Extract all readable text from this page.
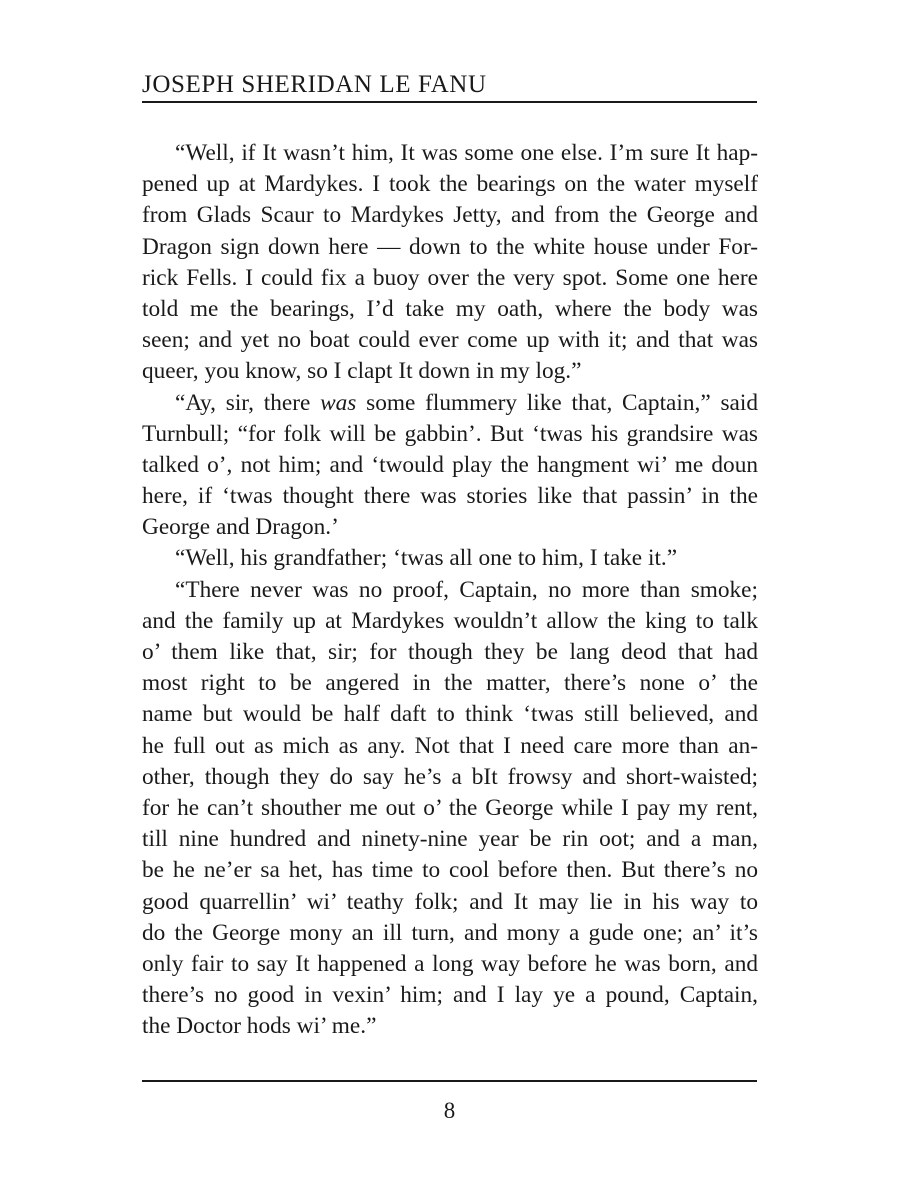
JOSEPH SHERIDAN LE FANU

“Well, if It wasn’t him, It was some one else. I’m sure It hap-
pened up at Mardykes. I took the bearings on the water myself
from Glads Scaur to Mardykes Jetty, and from the George and
Dragon sign down here — down to the white house under For-
rick Fells. I could fix a buoy over the very spot. Some one here
told me the bearings, I’d take my oath, where the body was
seen; and yet no boat could ever come up with it; and that was
queer, you know, so I clapt It down in my log.”

“Ay, sir, there was some flummery like that, Captain,” said
Turnbull; “for folk will be gabbin’. But ‘twas his grandsire was
talked o’, not him; and ‘twould play the hangment wi’ me doun
here, if ‘twas thought there was stories like that passin’ in the
George and Dragon.’

“Well, his grandfather; ‘twas all one to him, I take it.”

“There never was no proof, Captain, no more than smoke;
and the family up at Mardykes wouldn’t allow the king to talk
o’ them like that, sir; for though they be lang deod that had
most right to be angered in the matter, there’s none o’ the
name but would be half daft to think ‘twas still believed, and
he full out as mich as any. Not that I need care more than an-
other, though they do say he’s a bIt frowsy and short-waisted;
for he can’t shouther me out o’ the George while I pay my rent,
till nine hundred and ninety-nine year be rin oot; and a man,
be he ne’er sa het, has time to cool before then. But there’s no
good quarrellin’ wi’ teathy folk; and It may lie in his way to
do the George mony an ill turn, and mony a gude one; an’ it’s
only fair to say It happened a long way before he was born, and
there’s no good in vexin’ him; and I lay ye a pound, Captain,
the Doctor hods wi’ me.”

8
